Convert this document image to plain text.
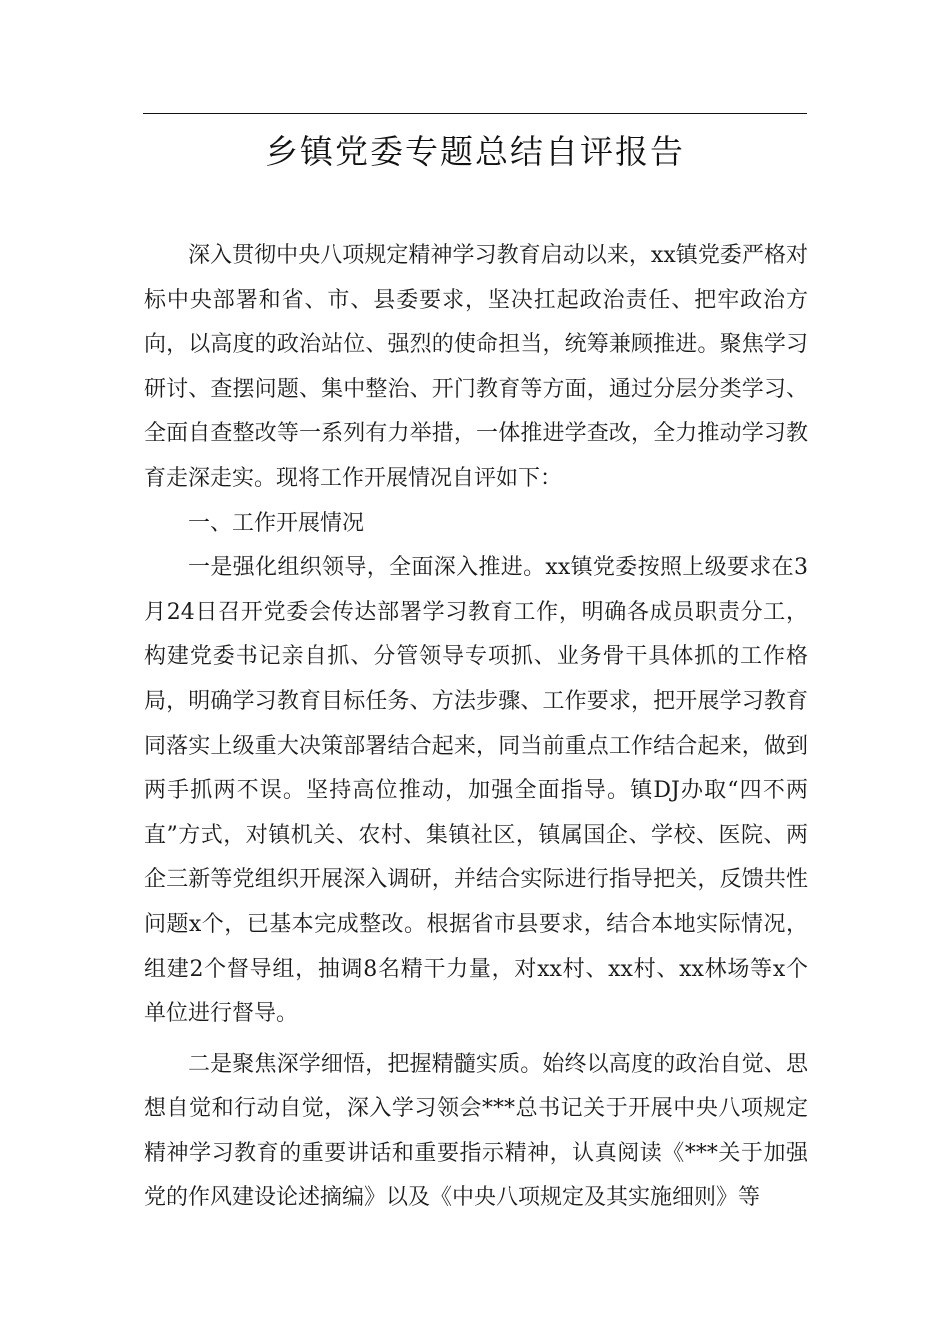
乡镇党委专题总结自评报告

深入贯彻中央八项规定精神学习教育启动以来，xx镇党委严格对标中央部署和省、市、县委要求，坚决扛起政治责任、把牢政治方向，以高度的政治站位、强烈的使命担当，统筹兼顾推进。聚焦学习研讨、查摆问题、集中整治、开门教育等方面，通过分层分类学习、全面自查整改等一系列有力举措，一体推进学查改，全力推动学习教育走深走实。现将工作开展情况自评如下：

一、工作开展情况

一是强化组织领导，全面深入推进。xx镇党委按照上级要求在3月24日召开党委会传达部署学习教育工作，明确各成员职责分工，构建党委书记亲自抓、分管领导专项抓、业务骨干具体抓的工作格局，明确学习教育目标任务、方法步骤、工作要求，把开展学习教育同落实上级重大决策部署结合起来，同当前重点工作结合起来，做到两手抓两不误。坚持高位推动，加强全面指导。镇DJ办取“四不两直”方式，对镇机关、农村、集镇社区，镇属国企、学校、医院、两企三新等党组织开展深入调研，并结合实际进行指导把关，反馈共性问题x个，已基本完成整改。根据省市县要求，结合本地实际情况，组建2个督导组，抽调8名精干力量，对xx村、xx村、xx林场等x个单位进行督导。

二是聚焦深学细悟，把握精髓实质。始终以高度的政治自觉、思想自觉和行动自觉，深入学习领会***总书记关于开展中央八项规定精神学习教育的重要讲话和重要指示精神，认真阅读《***关于加强党的作风建设论述摘编》以及《中央八项规定及其实施细则》等
